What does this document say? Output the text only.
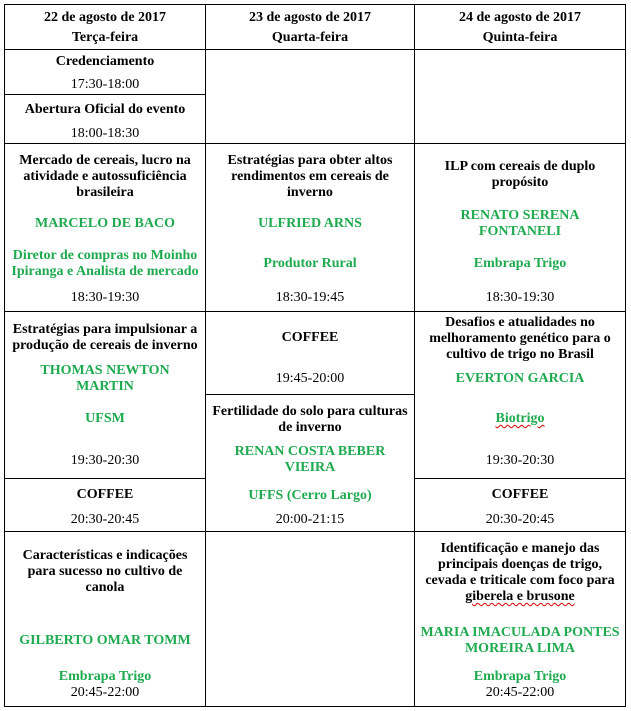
22 de agosto de 2017
Terça-feira
23 de agosto de 2017
Quarta-feira
24 de agosto de 2017
Quinta-feira
Credenciamento
17:30-18:00
Abertura Oficial do evento
18:00-18:30
Mercado de cereais, lucro na
atividade e autossuficiência
brasileira
MARCELO DE BACO
Diretor de compras no Moinho
Ipiranga e Analista de mercado
18:30-19:30
Estratégias para impulsionar a
produção de cereais de inverno
THOMAS NEWTON
MARTIN
UFSM
19:30-20:30
COFFEE
20:30-20:45
Características e indicações
para sucesso no cultivo de
canola
GILBERTO OMAR TOMM
Embrapa Trigo
20:45-22:00
Estratégias para obter altos
rendimentos em cereais de
inverno
ULFRIED ARNS
Produtor Rural
18:30-19:45
COFFEE
19:45-20:00
Fertilidade do solo para culturas
de inverno
RENAN COSTA BEBER
VIEIRA
UFFS (Cerro Largo)
20:00-21:15
ILP com cereais de duplo
propósito
RENATO SERENA
FONTANELI
Embrapa Trigo
18:30-19:30
Desafios e atualidades no
melhoramento genético para o
cultivo de trigo no Brasil
EVERTON GARCIA
Biotrigo
19:30-20:30
COFFEE
20:30-20:45
Identificação e manejo das
principais doenças de trigo,
cevada e triticale com foco para
giberela e brusone
MARIA IMACULADA PONTES
MOREIRA LIMA
Embrapa Trigo
20:45-22:00
